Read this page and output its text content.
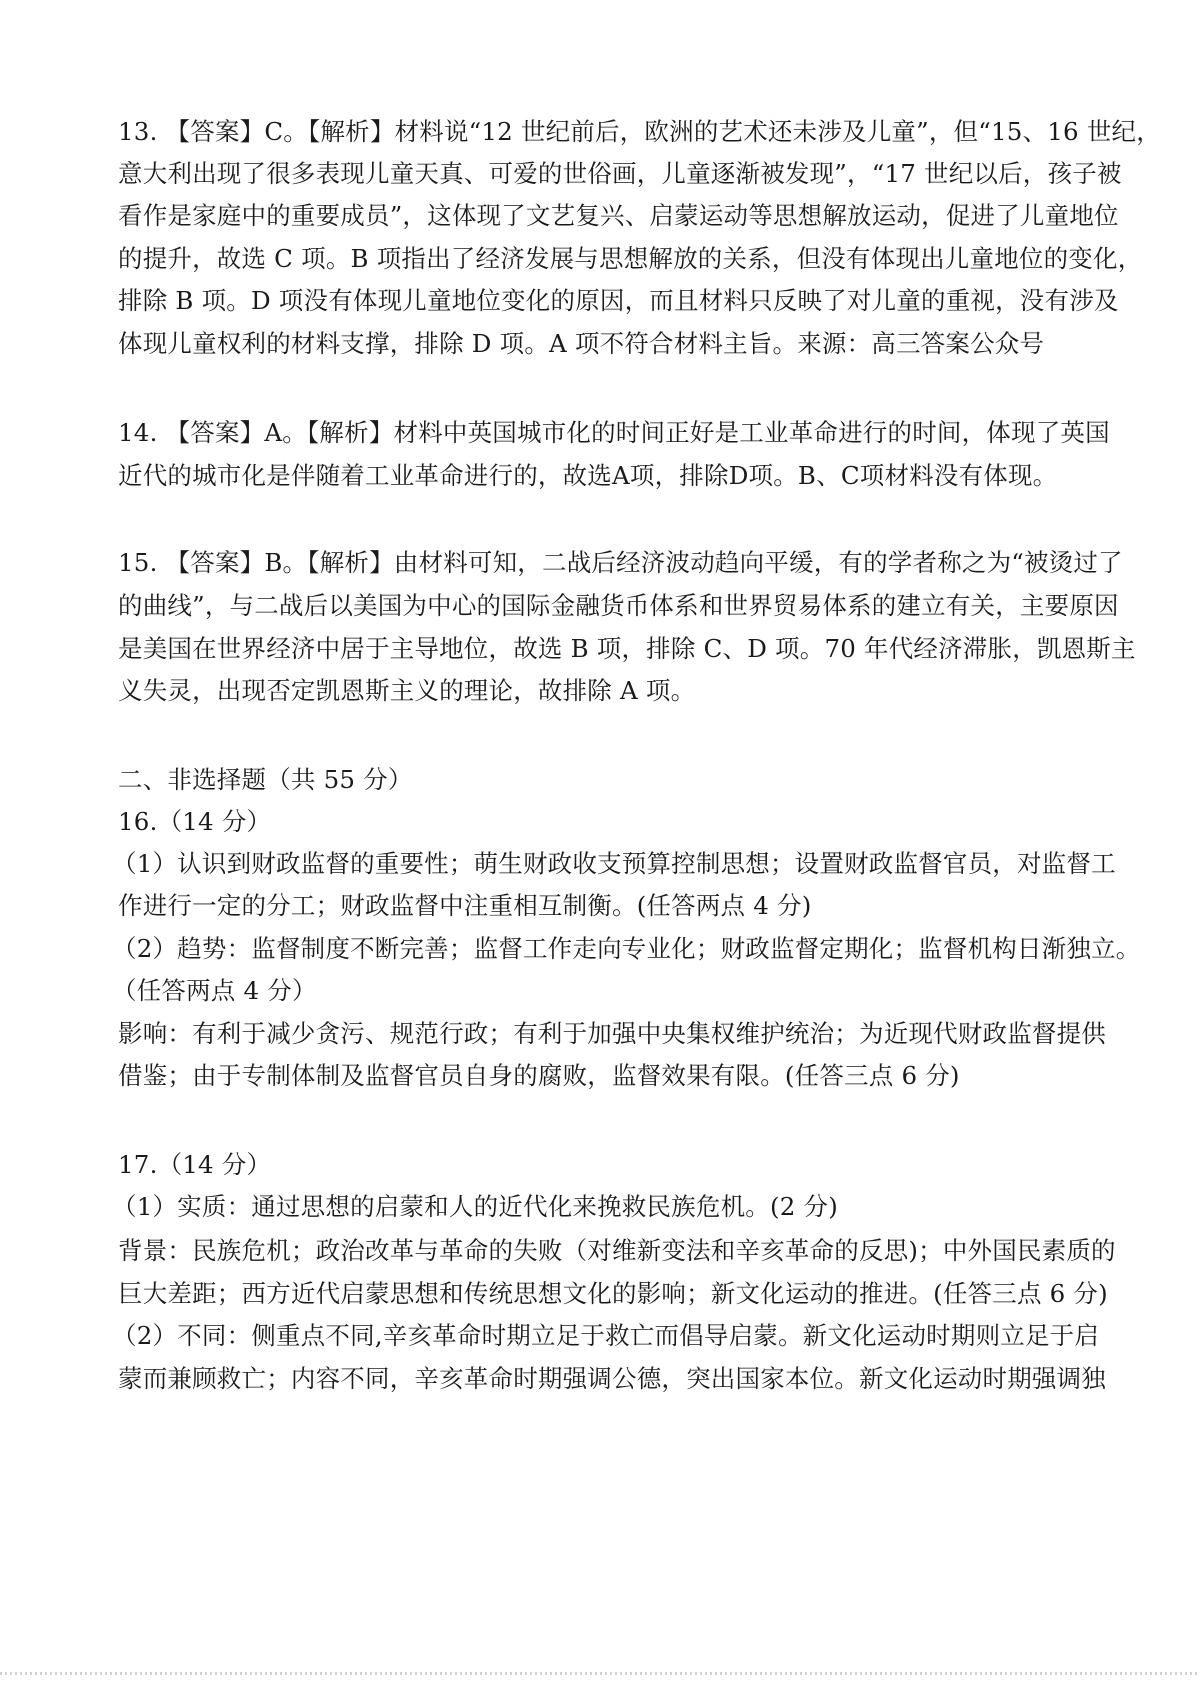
13. 【答案】C。【解析】材料说“12 世纪前后，欧洲的艺术还未涉及儿童”，但“15、16 世纪，
意大利出现了很多表现儿童天真、可爱的世俗画，儿童逐渐被发现”，“17 世纪以后，孩子被
看作是家庭中的重要成员”，这体现了文艺复兴、启蒙运动等思想解放运动，促进了儿童地位
的提升，故选 C 项。B 项指出了经济发展与思想解放的关系，但没有体现出儿童地位的变化，
排除 B 项。D 项没有体现儿童地位变化的原因，而且材料只反映了对儿童的重视，没有涉及
体现儿童权利的材料支撑，排除 D 项。A 项不符合材料主旨。来源：高三答案公众号
14. 【答案】A。【解析】材料中英国城市化的时间正好是工业革命进行的时间，体现了英国
近代的城市化是伴随着工业革命进行的，故选A项，排除D项。B、C项材料没有体现。
15. 【答案】B。【解析】由材料可知，二战后经济波动趋向平缓，有的学者称之为“被烫过了
的曲线”，与二战后以美国为中心的国际金融货币体系和世界贸易体系的建立有关，主要原因
是美国在世界经济中居于主导地位，故选 B 项，排除 C、D 项。70 年代经济滞胀，凯恩斯主
义失灵，出现否定凯恩斯主义的理论，故排除 A 项。
二、非选择题（共 55 分）
16.（14 分）
（1）认识到财政监督的重要性；萌生财政收支预算控制思想；设置财政监督官员，对监督工
作进行一定的分工；财政监督中注重相互制衡。(任答两点 4 分)
（2）趋势：监督制度不断完善；监督工作走向专业化；财政监督定期化；监督机构日渐独立。
（任答两点 4 分）
影响：有利于减少贪污、规范行政；有利于加强中央集权维护统治；为近现代财政监督提供
借鉴；由于专制体制及监督官员自身的腐败，监督效果有限。(任答三点 6 分)
17.（14 分）
（1）实质：通过思想的启蒙和人的近代化来挽救民族危机。(2 分)
背景：民族危机；政治改革与革命的失败（对维新变法和辛亥革命的反思)；中外国民素质的
巨大差距；西方近代启蒙思想和传统思想文化的影响；新文化运动的推进。(任答三点 6 分)
（2）不同：侧重点不同,辛亥革命时期立足于救亡而倡导启蒙。新文化运动时期则立足于启
蒙而兼顾救亡；内容不同，辛亥革命时期强调公德，突出国家本位。新文化运动时期强调独
